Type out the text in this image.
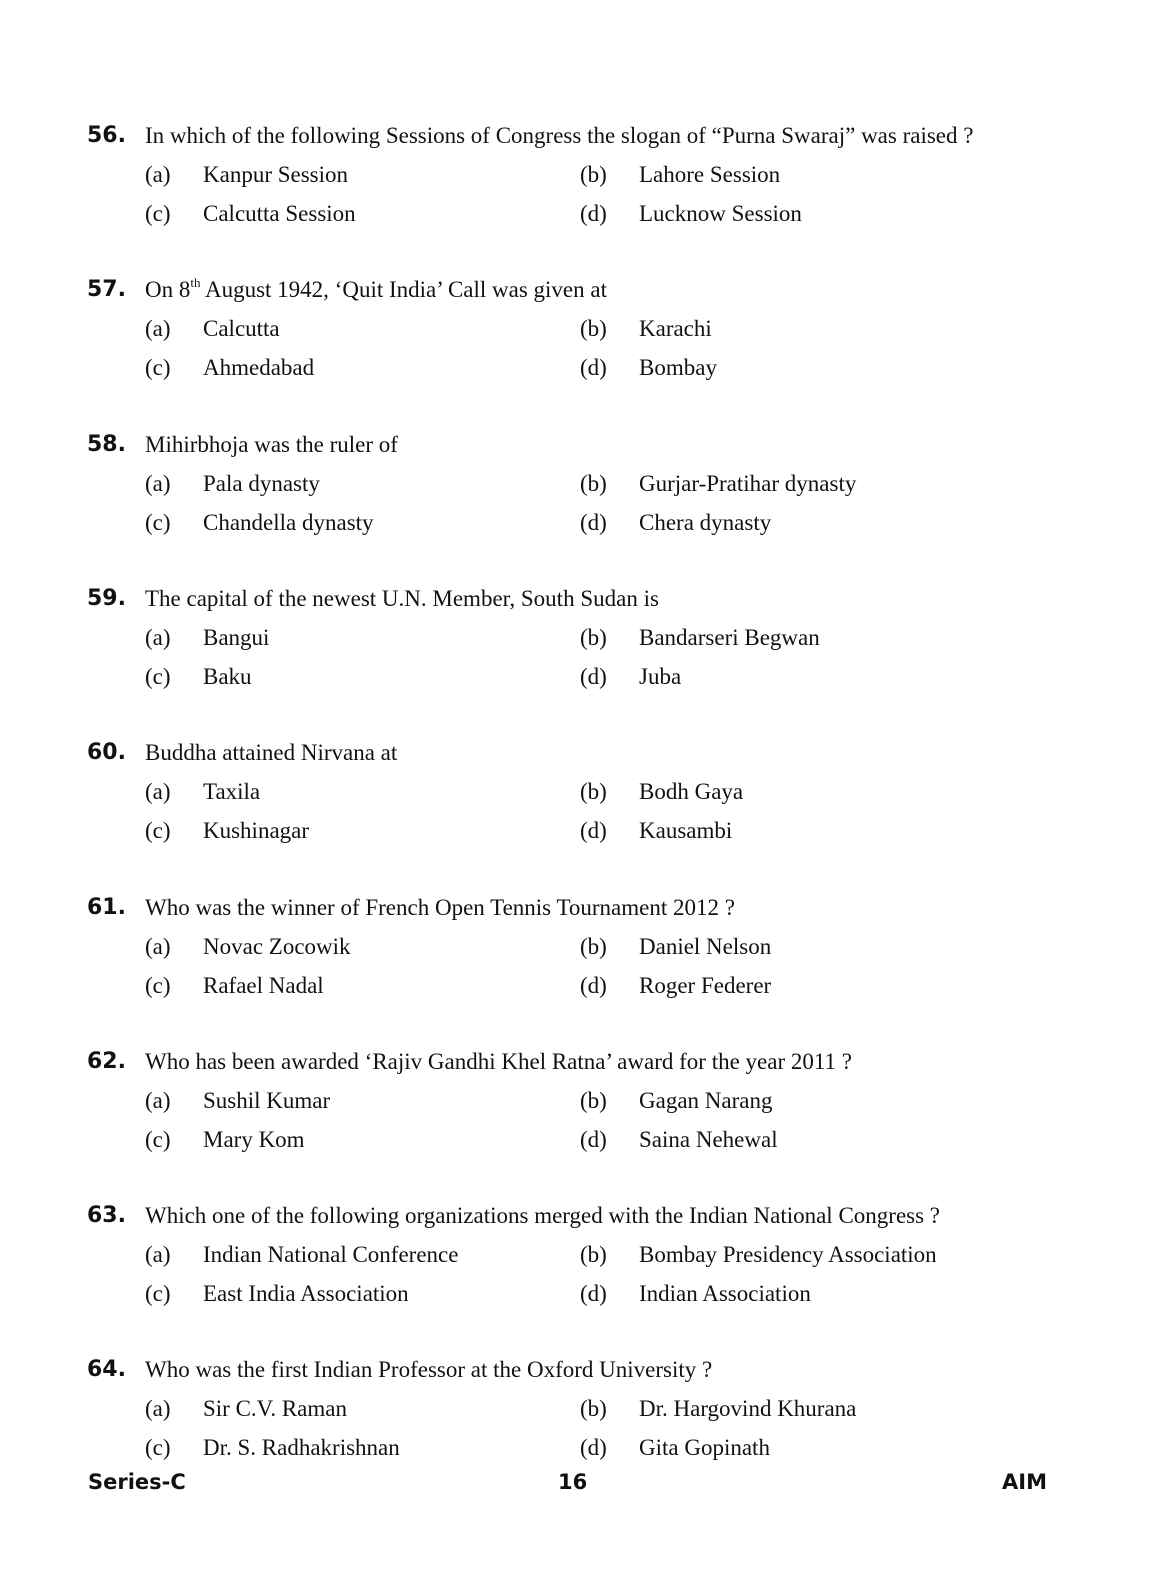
56. In which of the following Sessions of Congress the slogan of “Purna Swaraj” was raised ?
(a) Kanpur Session	(b) Lahore Session
(c) Calcutta Session	(d) Lucknow Session
57. On 8th August 1942, ‘Quit India’ Call was given at
(a) Calcutta	(b) Karachi
(c) Ahmedabad	(d) Bombay
58. Mihirbhoja was the ruler of
(a) Pala dynasty	(b) Gurjar-Pratihar dynasty
(c) Chandella dynasty	(d) Chera dynasty
59. The capital of the newest U.N. Member, South Sudan is
(a) Bangui	(b) Bandarseri Begwan
(c) Baku	(d) Juba
60. Buddha attained Nirvana at
(a) Taxila	(b) Bodh Gaya
(c) Kushinagar	(d) Kausambi
61. Who was the winner of French Open Tennis Tournament 2012 ?
(a) Novac Zocowik	(b) Daniel Nelson
(c) Rafael Nadal	(d) Roger Federer
62. Who has been awarded ‘Rajiv Gandhi Khel Ratna’ award for the year 2011 ?
(a) Sushil Kumar	(b) Gagan Narang
(c) Mary Kom	(d) Saina Nehewal
63. Which one of the following organizations merged with the Indian National Congress ?
(a) Indian National Conference	(b) Bombay Presidency Association
(c) East India Association	(d) Indian Association
64. Who was the first Indian Professor at the Oxford University ?
(a) Sir C.V. Raman	(b) Dr. Hargovind Khurana
(c) Dr. S. Radhakrishnan	(d) Gita Gopinath
Series-C	16	AIM
